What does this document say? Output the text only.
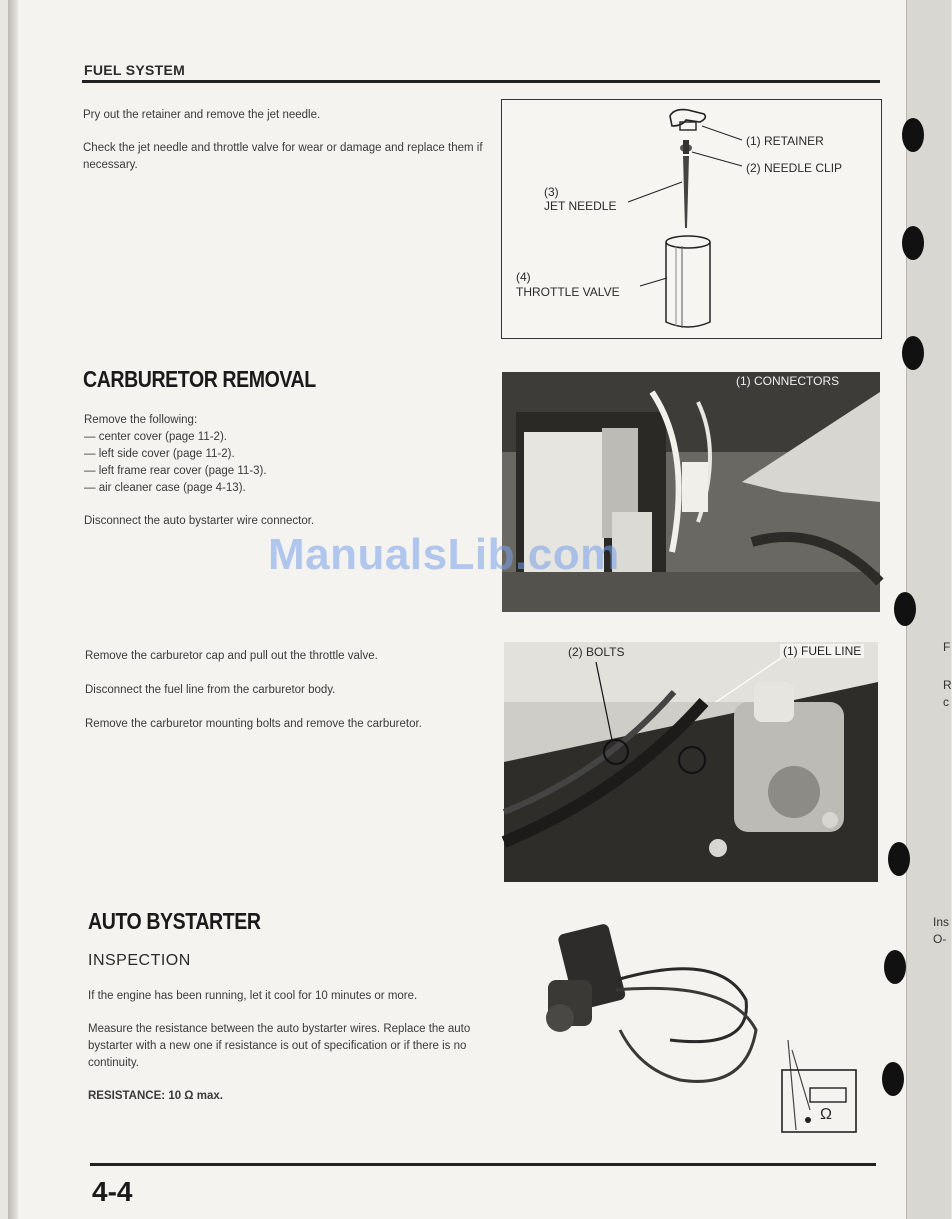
F
R
c
Ins
O-
FUEL SYSTEM

Pry out the retainer and remove the jet needle.

Check the jet needle and throttle valve for wear or damage and replace them if necessary.

(1) RETAINER
(2) NEEDLE CLIP
(3)
JET NEEDLE
(4)
THROTTLE VALVE
CARBURETOR REMOVAL

Remove the following:

— center cover (page 11-2).
— left side cover (page 11-2).
— left frame rear cover (page 11-3).
— air cleaner case (page 4-13).

Disconnect the auto bystarter wire connector.

(1) CONNECTORS

Remove the carburetor cap and pull out the throttle valve.

Disconnect the fuel line from the carburetor body.

Remove the carburetor mounting bolts and remove the carburetor.

(2) BOLTS	(1) FUEL LINE
AUTO BYSTARTER
INSPECTION

If the engine has been running, let it cool for 10 minutes or more.

Measure the resistance between the auto bystarter wires. Replace the auto bystarter with a new one if resistance is out of specification or if there is no continuity.

RESISTANCE: 10 Ω max.

Ω
ManualsLib.com
4-4
